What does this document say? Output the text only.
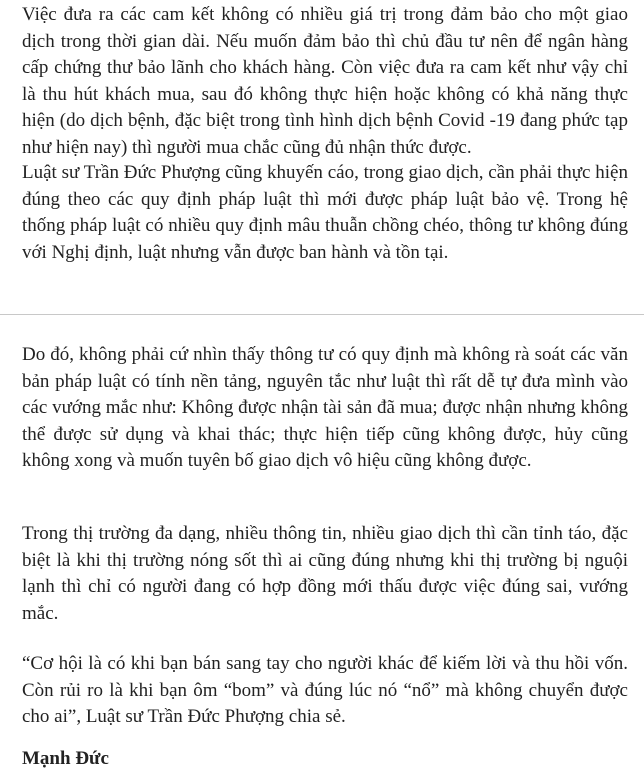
Việc đưa ra các cam kết không có nhiều giá trị trong đảm bảo cho một giao dịch trong thời gian dài. Nếu muốn đảm bảo thì chủ đầu tư nên để ngân hàng cấp chứng thư bảo lãnh cho khách hàng. Còn việc đưa ra cam kết như vậy chỉ là thu hút khách mua, sau đó không thực hiện hoặc không có khả năng thực hiện (do dịch bệnh, đặc biệt trong tình hình dịch bệnh Covid -19 đang phức tạp như hiện nay) thì người mua chắc cũng đủ nhận thức được.

Luật sư Trần Đức Phượng cũng khuyến cáo, trong giao dịch, cần phải thực hiện đúng theo các quy định pháp luật thì mới được pháp luật bảo vệ. Trong hệ thống pháp luật có nhiều quy định mâu thuẫn chồng chéo, thông tư không đúng với Nghị định, luật nhưng vẫn được ban hành và tồn tại.

Do đó, không phải cứ nhìn thấy thông tư có quy định mà không rà soát các văn bản pháp luật có tính nền tảng, nguyên tắc như luật thì rất dễ tự đưa mình vào các vướng mắc như: Không được nhận tài sản đã mua; được nhận nhưng không thể được sử dụng và khai thác; thực hiện tiếp cũng không được, hủy cũng không xong và muốn tuyên bố giao dịch vô hiệu cũng không được.

Trong thị trường đa dạng, nhiều thông tin, nhiều giao dịch thì cần tỉnh táo, đặc biệt là khi thị trường nóng sốt thì ai cũng đúng nhưng khi thị trường bị nguội lạnh thì chỉ có người đang có hợp đồng mới thấu được việc đúng sai, vướng mắc.

“Cơ hội là có khi bạn bán sang tay cho người khác để kiếm lời và thu hồi vốn. Còn rủi ro là khi bạn ôm “bom” và đúng lúc nó “nổ” mà không chuyển được cho ai”, Luật sư Trần Đức Phượng chia sẻ.

Mạnh Đức
